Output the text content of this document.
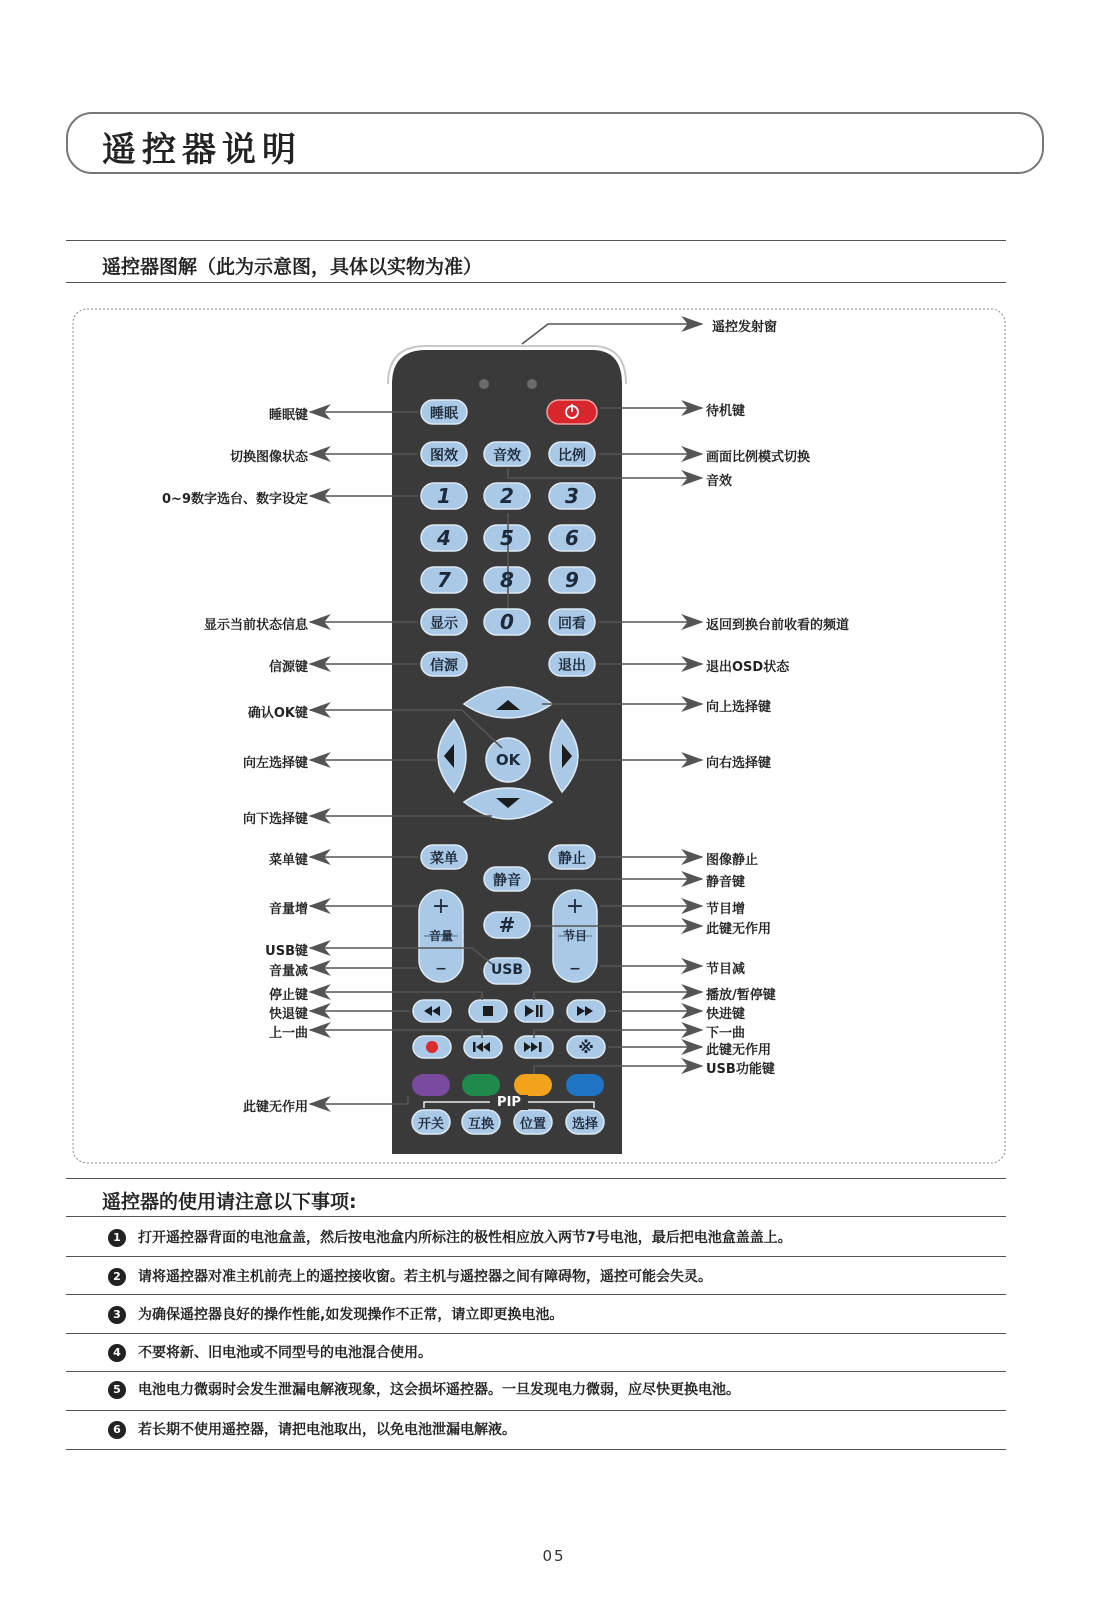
遥控器说明
遥控器图解（此为示意图，具体以实物为准）
+
–
+
–
睡眠
图效	音效	比例
1	2	3
4	5	6
7	8	9
显示	0	回看
信源	退出
OK
菜单	静止
静音
音量	节目
#
USB
※
PIP
开关	互换	位置	选择
睡眠键
切换图像状态
0~9数字选台、数字设定
显示当前状态信息
信源键
确认OK键
向左选择键
向下选择键
菜单键
音量增
USB键
音量减
停止键
快退键
上一曲
此键无作用
遥控发射窗
待机键
画面比例模式切换
音效
返回到换台前收看的频道
退出OSD状态
向上选择键
向右选择键
图像静止
静音键
节目增
此键无作用
节目减
播放/暂停键
快进键
下一曲
此键无作用
USB功能键
遥控器的使用请注意以下事项:
1 打开遥控器背面的电池盒盖，然后按电池盒内所标注的极性相应放入两节7号电池，最后把电池盒盖盖上。
2 请将遥控器对准主机前壳上的遥控接收窗。若主机与遥控器之间有障碍物，遥控可能会失灵。
3 为确保遥控器良好的操作性能,如发现操作不正常，请立即更换电池。
4 不要将新、旧电池或不同型号的电池混合使用。
5 电池电力微弱时会发生泄漏电解液现象，这会损坏遥控器。一旦发现电力微弱，应尽快更换电池。
6 若长期不使用遥控器，请把电池取出，以免电池泄漏电解液。
05
